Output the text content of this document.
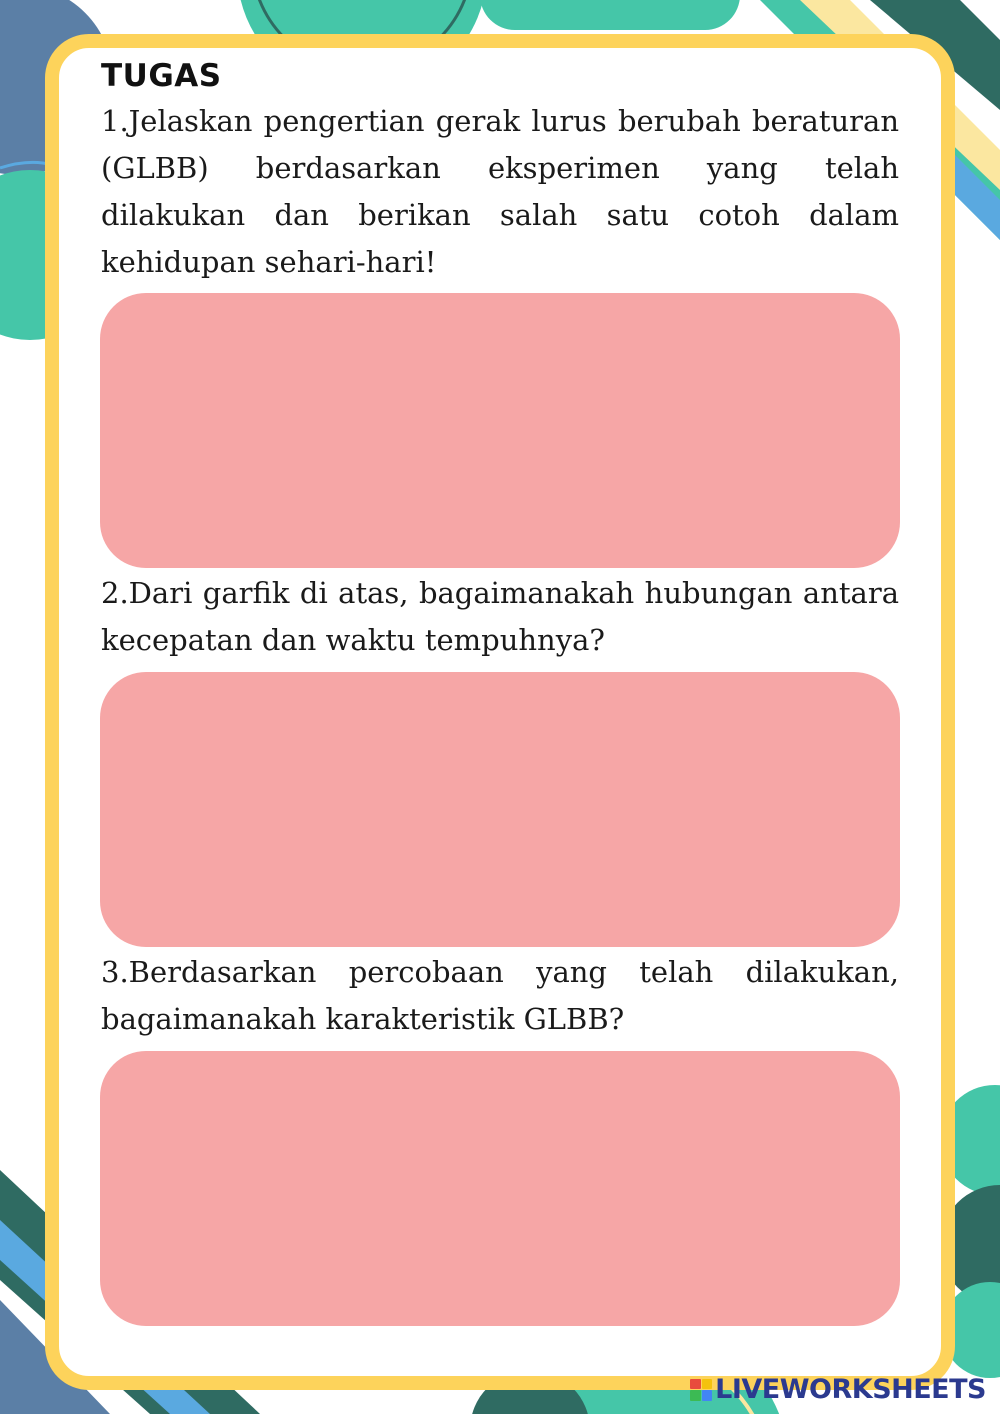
TUGAS

1.Jelaskan pengertian gerak lurus berubah beraturan (GLBB) berdasarkan eksperimen yang telah dilakukan dan berikan salah satu cotoh dalam kehidupan sehari-hari!

2.Dari garfik di atas, bagaimanakah hubungan antara kecepatan dan waktu tempuhnya?

3.Berdasarkan percobaan yang telah dilakukan, bagaimanakah karakteristik GLBB?

LIVEWORKSHEETS
